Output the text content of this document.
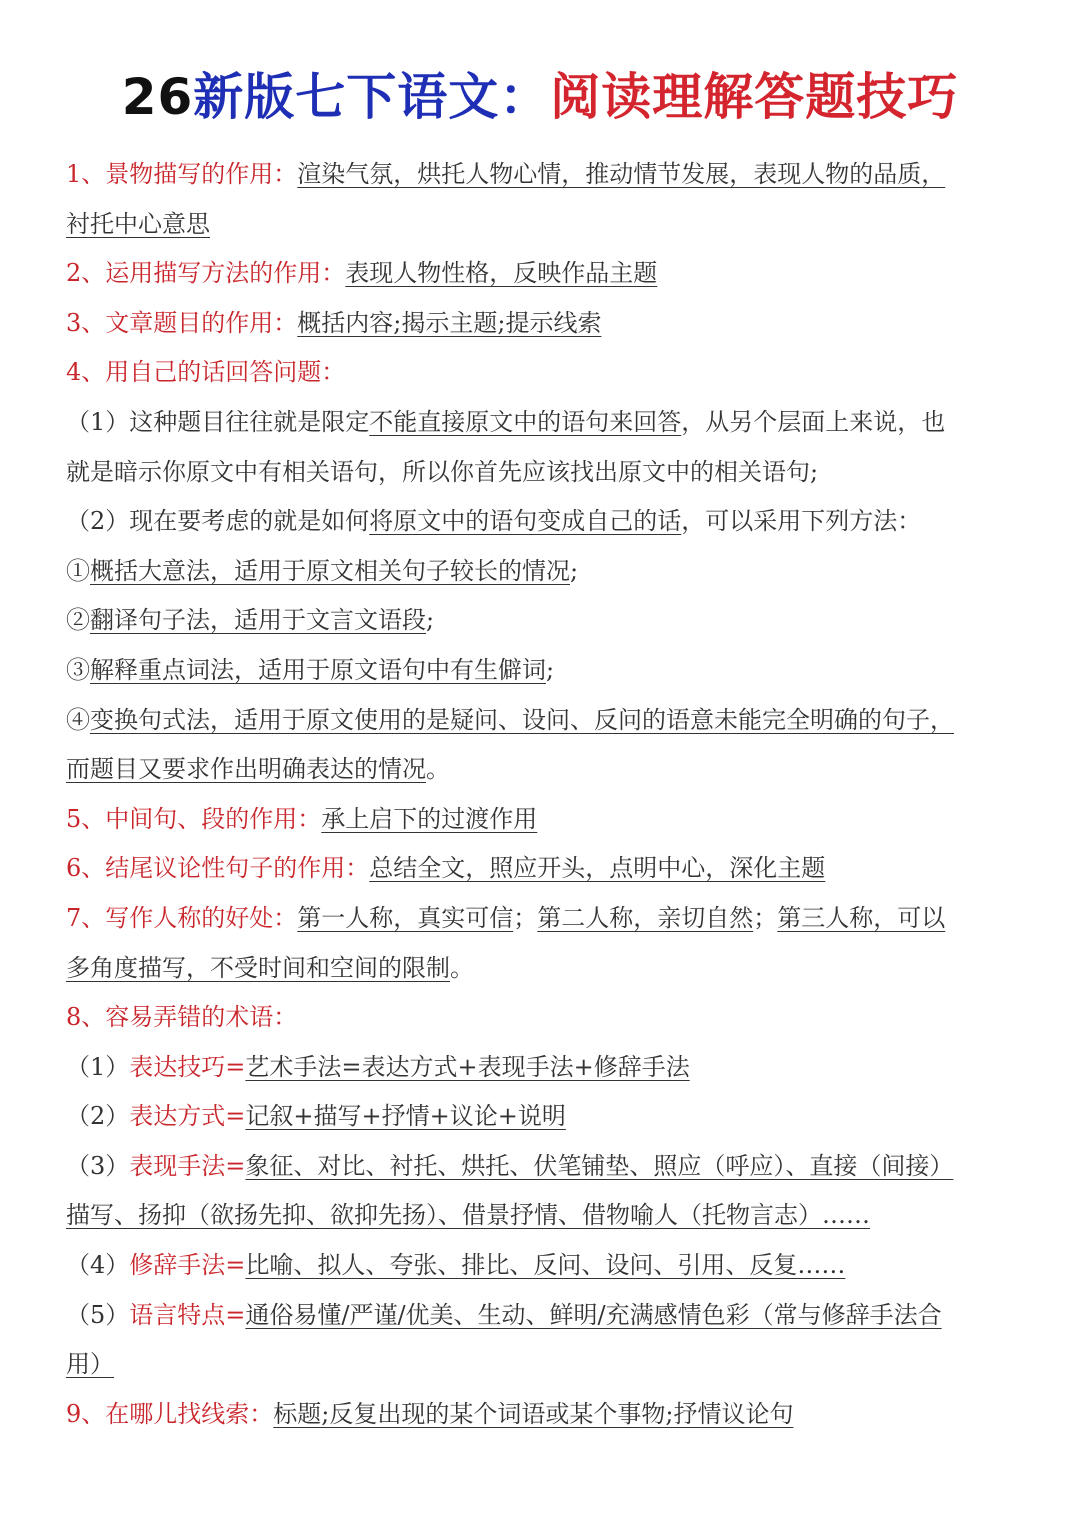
26新版七下语文：阅读理解答题技巧
1、景物描写的作用：渲染气氛，烘托人物心情，推动情节发展，表现人物的品质，
衬托中心意思
2、运用描写方法的作用：表现人物性格，反映作品主题
3、文章题目的作用：概括内容;揭示主题;提示线索
4、用自己的话回答问题：
（1）这种题目往往就是限定不能直接原文中的语句来回答，从另个层面上来说，也
就是暗示你原文中有相关语句，所以你首先应该找出原文中的相关语句;
（2）现在要考虑的就是如何将原文中的语句变成自己的话，可以采用下列方法：
①概括大意法，适用于原文相关句子较长的情况;
②翻译句子法，适用于文言文语段;
③解释重点词法，适用于原文语句中有生僻词;
④变换句式法，适用于原文使用的是疑问、设问、反问的语意未能完全明确的句子，
而题目又要求作出明确表达的情况。
5、中间句、段的作用：承上启下的过渡作用
6、结尾议论性句子的作用：总结全文，照应开头，点明中心，深化主题
7、写作人称的好处：第一人称，真实可信；第二人称，亲切自然；第三人称，可以
多角度描写，不受时间和空间的限制。
8、容易弄错的术语：
（1）表达技巧=艺术手法=表达方式+表现手法+修辞手法
（2）表达方式=记叙+描写+抒情+议论+说明
（3）表现手法=象征、对比、衬托、烘托、伏笔铺垫、照应（呼应）、直接（间接）
描写、扬抑（欲扬先抑、欲抑先扬）、借景抒情、借物喻人（托物言志）……
（4）修辞手法=比喻、拟人、夸张、排比、反问、设问、引用、反复……
（5）语言特点=通俗易懂/严谨/优美、生动、鲜明/充满感情色彩（常与修辞手法合
用）
9、在哪儿找线索：标题;反复出现的某个词语或某个事物;抒情议论句
